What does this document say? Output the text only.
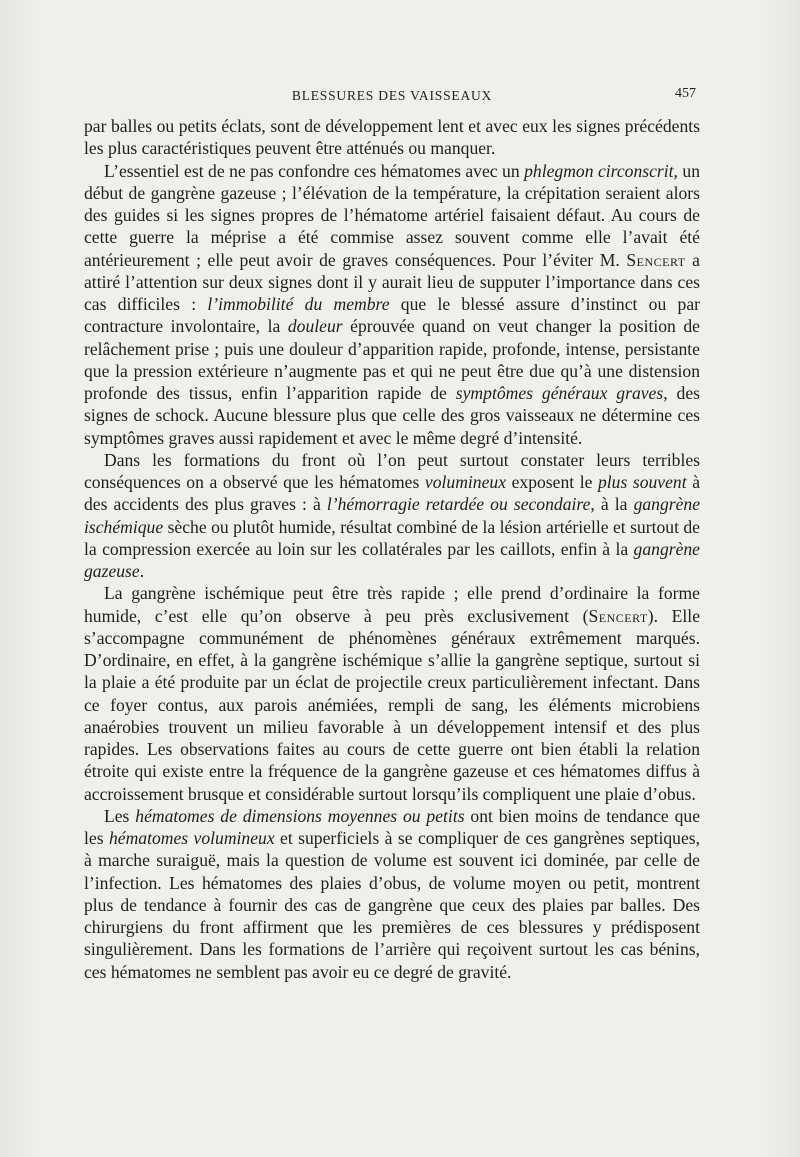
BLESSURES DES VAISSEAUX	457

par balles ou petits éclats, sont de développement lent et avec eux les signes précédents les plus caractéristiques peuvent être atténués ou manquer.

L’essentiel est de ne pas confondre ces hématomes avec un phlegmon circonscrit, un début de gangrène gazeuse ; l’élévation de la température, la crépitation seraient alors des guides si les signes propres de l’hématome artériel faisaient défaut. Au cours de cette guerre la méprise a été commise assez souvent comme elle l’avait été antérieurement ; elle peut avoir de graves conséquences. Pour l’éviter M. Sencert a attiré l’attention sur deux signes dont il y aurait lieu de supputer l’importance dans ces cas difficiles : l’immobilité du membre que le blessé assure d’instinct ou par contracture involontaire, la douleur éprouvée quand on veut changer la position de relâchement prise ; puis une douleur d’apparition rapide, profonde, intense, persistante que la pression extérieure n’augmente pas et qui ne peut être due qu’à une distension profonde des tissus, enfin l’apparition rapide de symptômes généraux graves, des signes de schock. Aucune blessure plus que celle des gros vaisseaux ne détermine ces symptômes graves aussi rapidement et avec le même degré d’intensité.

Dans les formations du front où l’on peut surtout constater leurs terribles conséquences on a observé que les hématomes volumineux exposent le plus souvent à des accidents des plus graves : à l’hémorragie retardée ou secondaire, à la gangrène ischémique sèche ou plutôt humide, résultat combiné de la lésion artérielle et surtout de la compression exercée au loin sur les collatérales par les caillots, enfin à la gangrène gazeuse.

La gangrène ischémique peut être très rapide ; elle prend d’ordinaire la forme humide, c’est elle qu’on observe à peu près exclusivement (Sencert). Elle s’accompagne communément de phénomènes généraux extrêmement marqués. D’ordinaire, en effet, à la gangrène ischémique s’allie la gangrène septique, surtout si la plaie a été produite par un éclat de projectile creux particulièrement infectant. Dans ce foyer contus, aux parois anémiées, rempli de sang, les éléments microbiens anaérobies trouvent un milieu favorable à un développement intensif et des plus rapides. Les observations faites au cours de cette guerre ont bien établi la relation étroite qui existe entre la fréquence de la gangrène gazeuse et ces hématomes diffus à accroissement brusque et considérable surtout lorsqu’ils compliquent une plaie d’obus.

Les hématomes de dimensions moyennes ou petits ont bien moins de tendance que les hématomes volumineux et superficiels à se compliquer de ces gangrènes septiques, à marche suraiguë, mais la question de volume est souvent ici dominée, par celle de l’infection. Les hématomes des plaies d’obus, de volume moyen ou petit, montrent plus de tendance à fournir des cas de gangrène que ceux des plaies par balles. Des chirurgiens du front affirment que les premières de ces blessures y prédisposent singulièrement. Dans les formations de l’arrière qui reçoivent surtout les cas bénins, ces hématomes ne semblent pas avoir eu ce degré de gravité.
